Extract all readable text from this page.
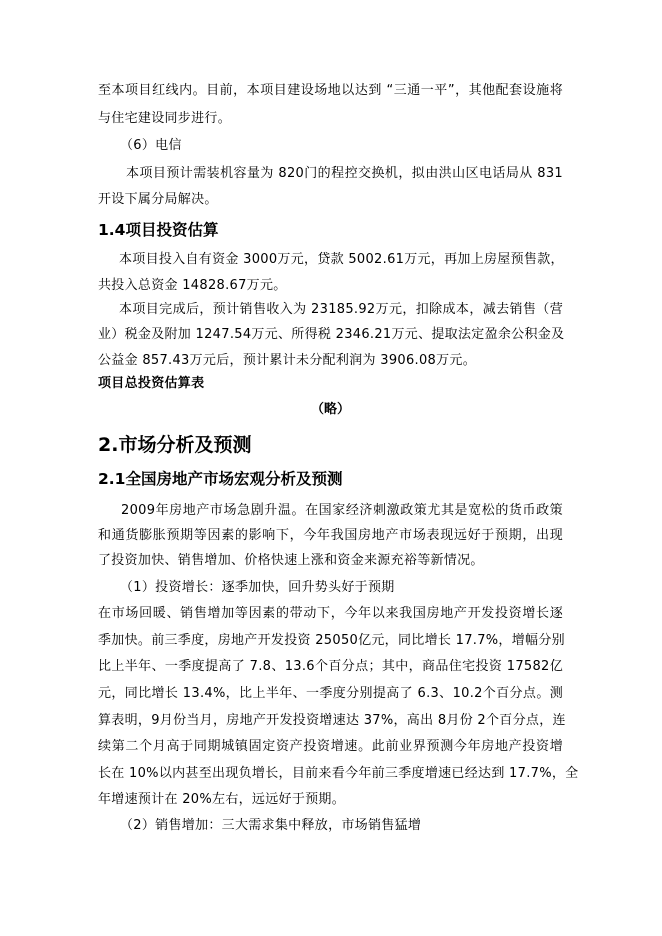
至本项目红线内。目前，本项目建设场地以达到 “三通一平”，其他配套设施将
与住宅建设同步进行。
（6）电信
本项目预计需装机容量为 820门的程控交换机，拟由洪山区电话局从 831
开设下属分局解决。
1.4项目投资估算
本项目投入自有资金 3000万元，贷款 5002.61万元，再加上房屋预售款，
共投入总资金 14828.67万元。
本项目完成后，预计销售收入为 23185.92万元，扣除成本，减去销售（营
业）税金及附加 1247.54万元、所得税 2346.21万元、提取法定盈余公积金及
公益金 857.43万元后，预计累计未分配利润为 3906.08万元。
项目总投资估算表
（略）
2.市场分析及预测
2.1全国房地产市场宏观分析及预测
2009年房地产市场急剧升温。在国家经济刺激政策尤其是宽松的货币政策
和通货膨胀预期等因素的影响下，今年我国房地产市场表现远好于预期，出现
了投资加快、销售增加、价格快速上涨和资金来源充裕等新情况。
（1）投资增长：逐季加快，回升势头好于预期
在市场回暖、销售增加等因素的带动下，今年以来我国房地产开发投资增长逐
季加快。前三季度，房地产开发投资 25050亿元，同比增长 17.7%，增幅分别
比上半年、一季度提高了 7.8、13.6个百分点；其中，商品住宅投资 17582亿
元，同比增长 13.4%，比上半年、一季度分别提高了 6.3、10.2个百分点。测
算表明，9月份当月，房地产开发投资增速达 37%，高出 8月份 2个百分点，连
续第二个月高于同期城镇固定资产投资增速。此前业界预测今年房地产投资增
长在 10%以内甚至出现负增长，目前来看今年前三季度增速已经达到 17.7%，全
年增速预计在 20%左右，远远好于预期。
（2）销售增加：三大需求集中释放，市场销售猛增
